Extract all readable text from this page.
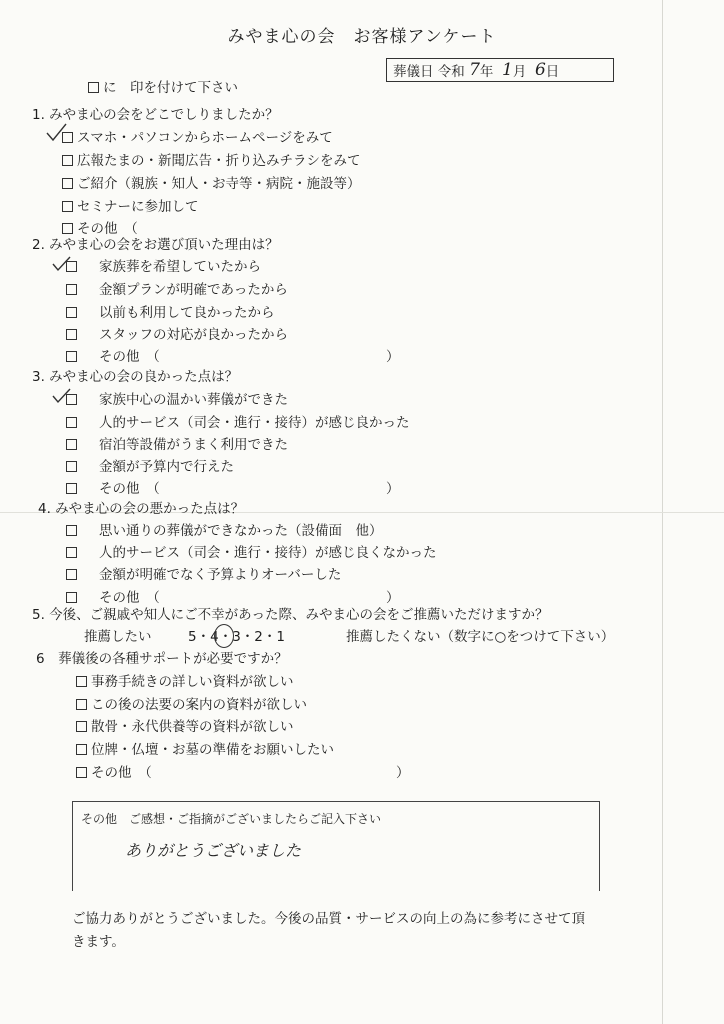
みやま心の会　お客様アンケート
葬儀日
令和
7 年
1 月
6 日
に　印を付けて下さい
1. みやま心の会をどこでしりましたか？
スマホ・パソコンからホームページをみて
広報たまの・新聞広告・折り込みチラシをみて
ご紹介（親族・知人・お寺等・病院・施設等）
セミナーに参加して
その他　（
2. みやま心の会をお選び頂いた理由は？
家族葬を希望していたから
金額プランが明確であったから
以前も利用して良かったから
スタッフの対応が良かったから
その他　（	）
3. みやま心の会の良かった点は？
家族中心の温かい葬儀ができた
人的サービス（司会・進行・接待）が感じ良かった
宿泊等設備がうまく利用できた
金額が予算内で行えた
その他　（	）
4. みやま心の会の悪かった点は？
思い通りの葬儀ができなかった（設備面　他）
人的サービス（司会・進行・接待）が感じ良くなかった
金額が明確でなく予算よりオーバーした
その他　（	）
5. 今後、ご親戚や知人にご不幸があった際、みやま心の会をご推薦いただけますか？
推薦したい	5・4・3・2・1	推薦したくない（数字に○をつけて下さい）
6　葬儀後の各種サポートが必要ですか？
事務手続きの詳しい資料が欲しい
この後の法要の案内の資料が欲しい
散骨・永代供養等の資料が欲しい
位牌・仏壇・お墓の準備をお願いしたい
その他　（	）
その他　ご感想・ご指摘がございましたらご記入下さい
ありがとうございました
ご協力ありがとうございました。今後の品質・サービスの向上の為に参考にさせて頂
きます。
